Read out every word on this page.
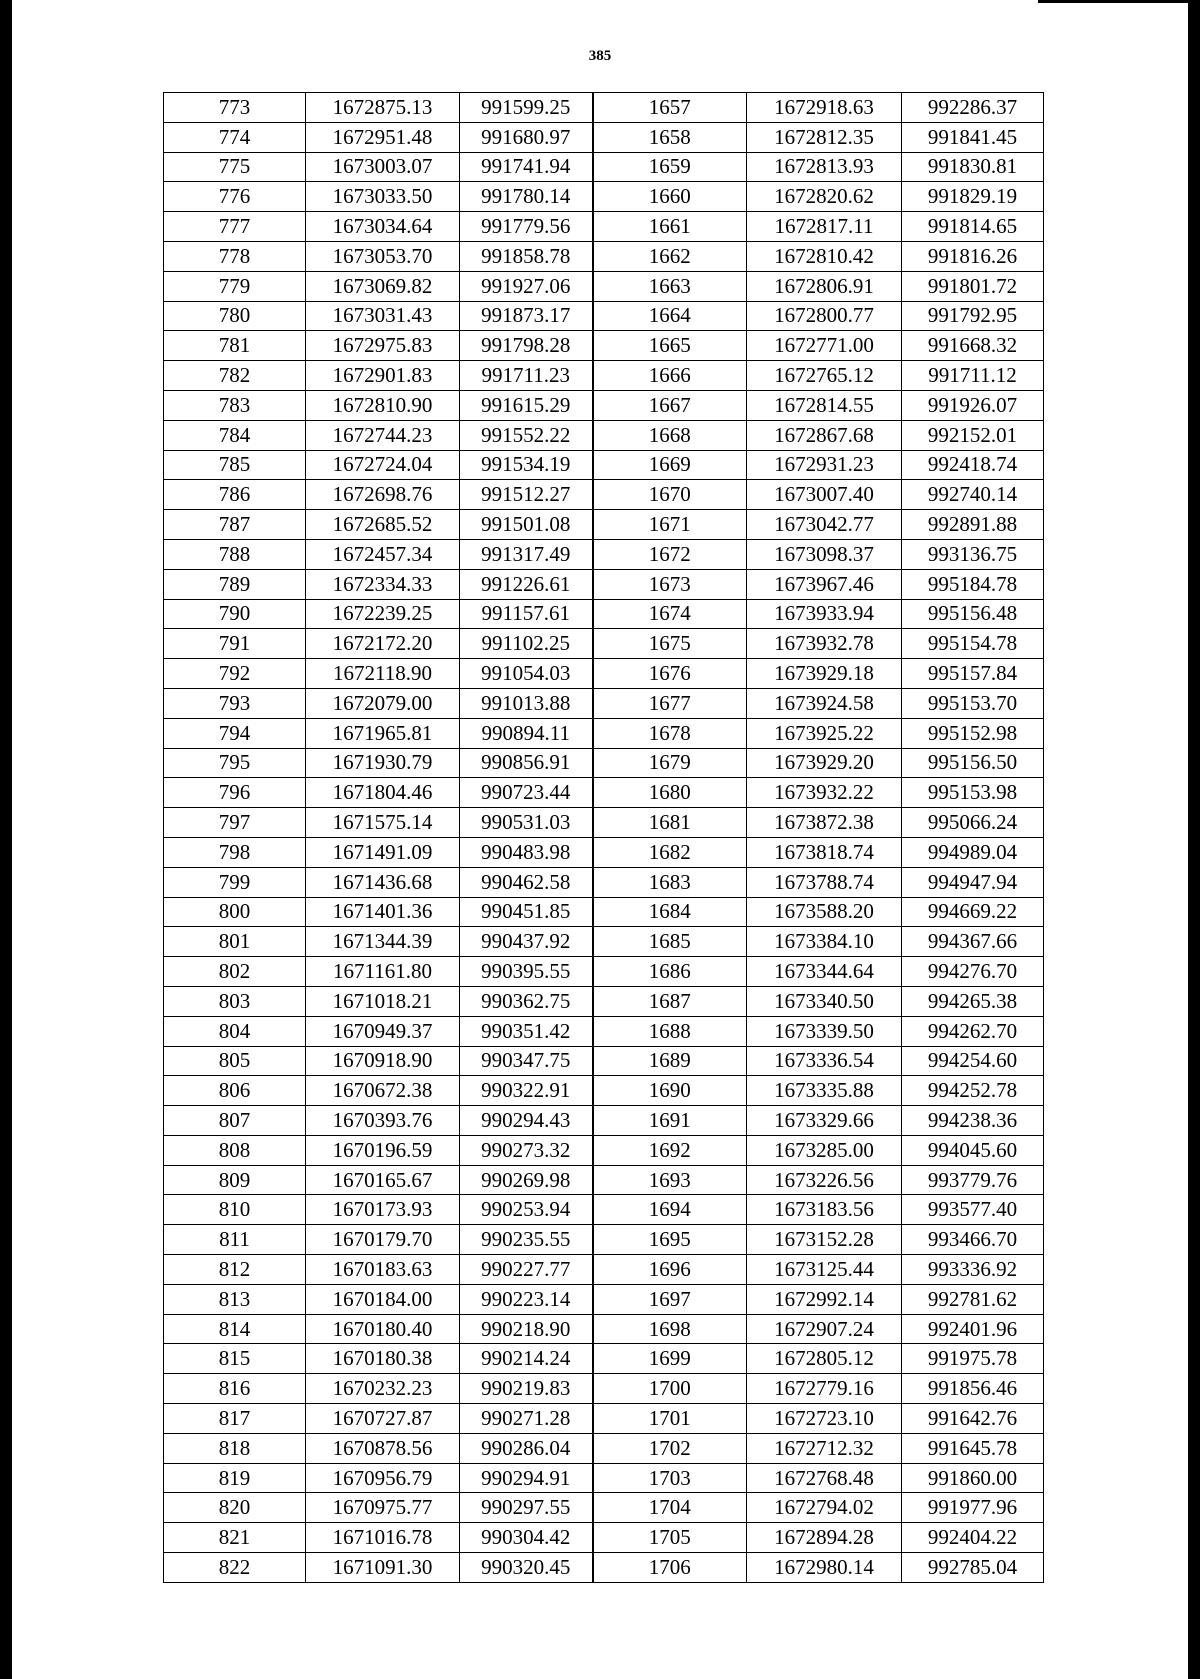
385
773	1672875.13	991599.25	1657	1672918.63	992286.37
774	1672951.48	991680.97	1658	1672812.35	991841.45
775	1673003.07	991741.94	1659	1672813.93	991830.81
776	1673033.50	991780.14	1660	1672820.62	991829.19
777	1673034.64	991779.56	1661	1672817.11	991814.65
778	1673053.70	991858.78	1662	1672810.42	991816.26
779	1673069.82	991927.06	1663	1672806.91	991801.72
780	1673031.43	991873.17	1664	1672800.77	991792.95
781	1672975.83	991798.28	1665	1672771.00	991668.32
782	1672901.83	991711.23	1666	1672765.12	991711.12
783	1672810.90	991615.29	1667	1672814.55	991926.07
784	1672744.23	991552.22	1668	1672867.68	992152.01
785	1672724.04	991534.19	1669	1672931.23	992418.74
786	1672698.76	991512.27	1670	1673007.40	992740.14
787	1672685.52	991501.08	1671	1673042.77	992891.88
788	1672457.34	991317.49	1672	1673098.37	993136.75
789	1672334.33	991226.61	1673	1673967.46	995184.78
790	1672239.25	991157.61	1674	1673933.94	995156.48
791	1672172.20	991102.25	1675	1673932.78	995154.78
792	1672118.90	991054.03	1676	1673929.18	995157.84
793	1672079.00	991013.88	1677	1673924.58	995153.70
794	1671965.81	990894.11	1678	1673925.22	995152.98
795	1671930.79	990856.91	1679	1673929.20	995156.50
796	1671804.46	990723.44	1680	1673932.22	995153.98
797	1671575.14	990531.03	1681	1673872.38	995066.24
798	1671491.09	990483.98	1682	1673818.74	994989.04
799	1671436.68	990462.58	1683	1673788.74	994947.94
800	1671401.36	990451.85	1684	1673588.20	994669.22
801	1671344.39	990437.92	1685	1673384.10	994367.66
802	1671161.80	990395.55	1686	1673344.64	994276.70
803	1671018.21	990362.75	1687	1673340.50	994265.38
804	1670949.37	990351.42	1688	1673339.50	994262.70
805	1670918.90	990347.75	1689	1673336.54	994254.60
806	1670672.38	990322.91	1690	1673335.88	994252.78
807	1670393.76	990294.43	1691	1673329.66	994238.36
808	1670196.59	990273.32	1692	1673285.00	994045.60
809	1670165.67	990269.98	1693	1673226.56	993779.76
810	1670173.93	990253.94	1694	1673183.56	993577.40
811	1670179.70	990235.55	1695	1673152.28	993466.70
812	1670183.63	990227.77	1696	1673125.44	993336.92
813	1670184.00	990223.14	1697	1672992.14	992781.62
814	1670180.40	990218.90	1698	1672907.24	992401.96
815	1670180.38	990214.24	1699	1672805.12	991975.78
816	1670232.23	990219.83	1700	1672779.16	991856.46
817	1670727.87	990271.28	1701	1672723.10	991642.76
818	1670878.56	990286.04	1702	1672712.32	991645.78
819	1670956.79	990294.91	1703	1672768.48	991860.00
820	1670975.77	990297.55	1704	1672794.02	991977.96
821	1671016.78	990304.42	1705	1672894.28	992404.22
822	1671091.30	990320.45	1706	1672980.14	992785.04
